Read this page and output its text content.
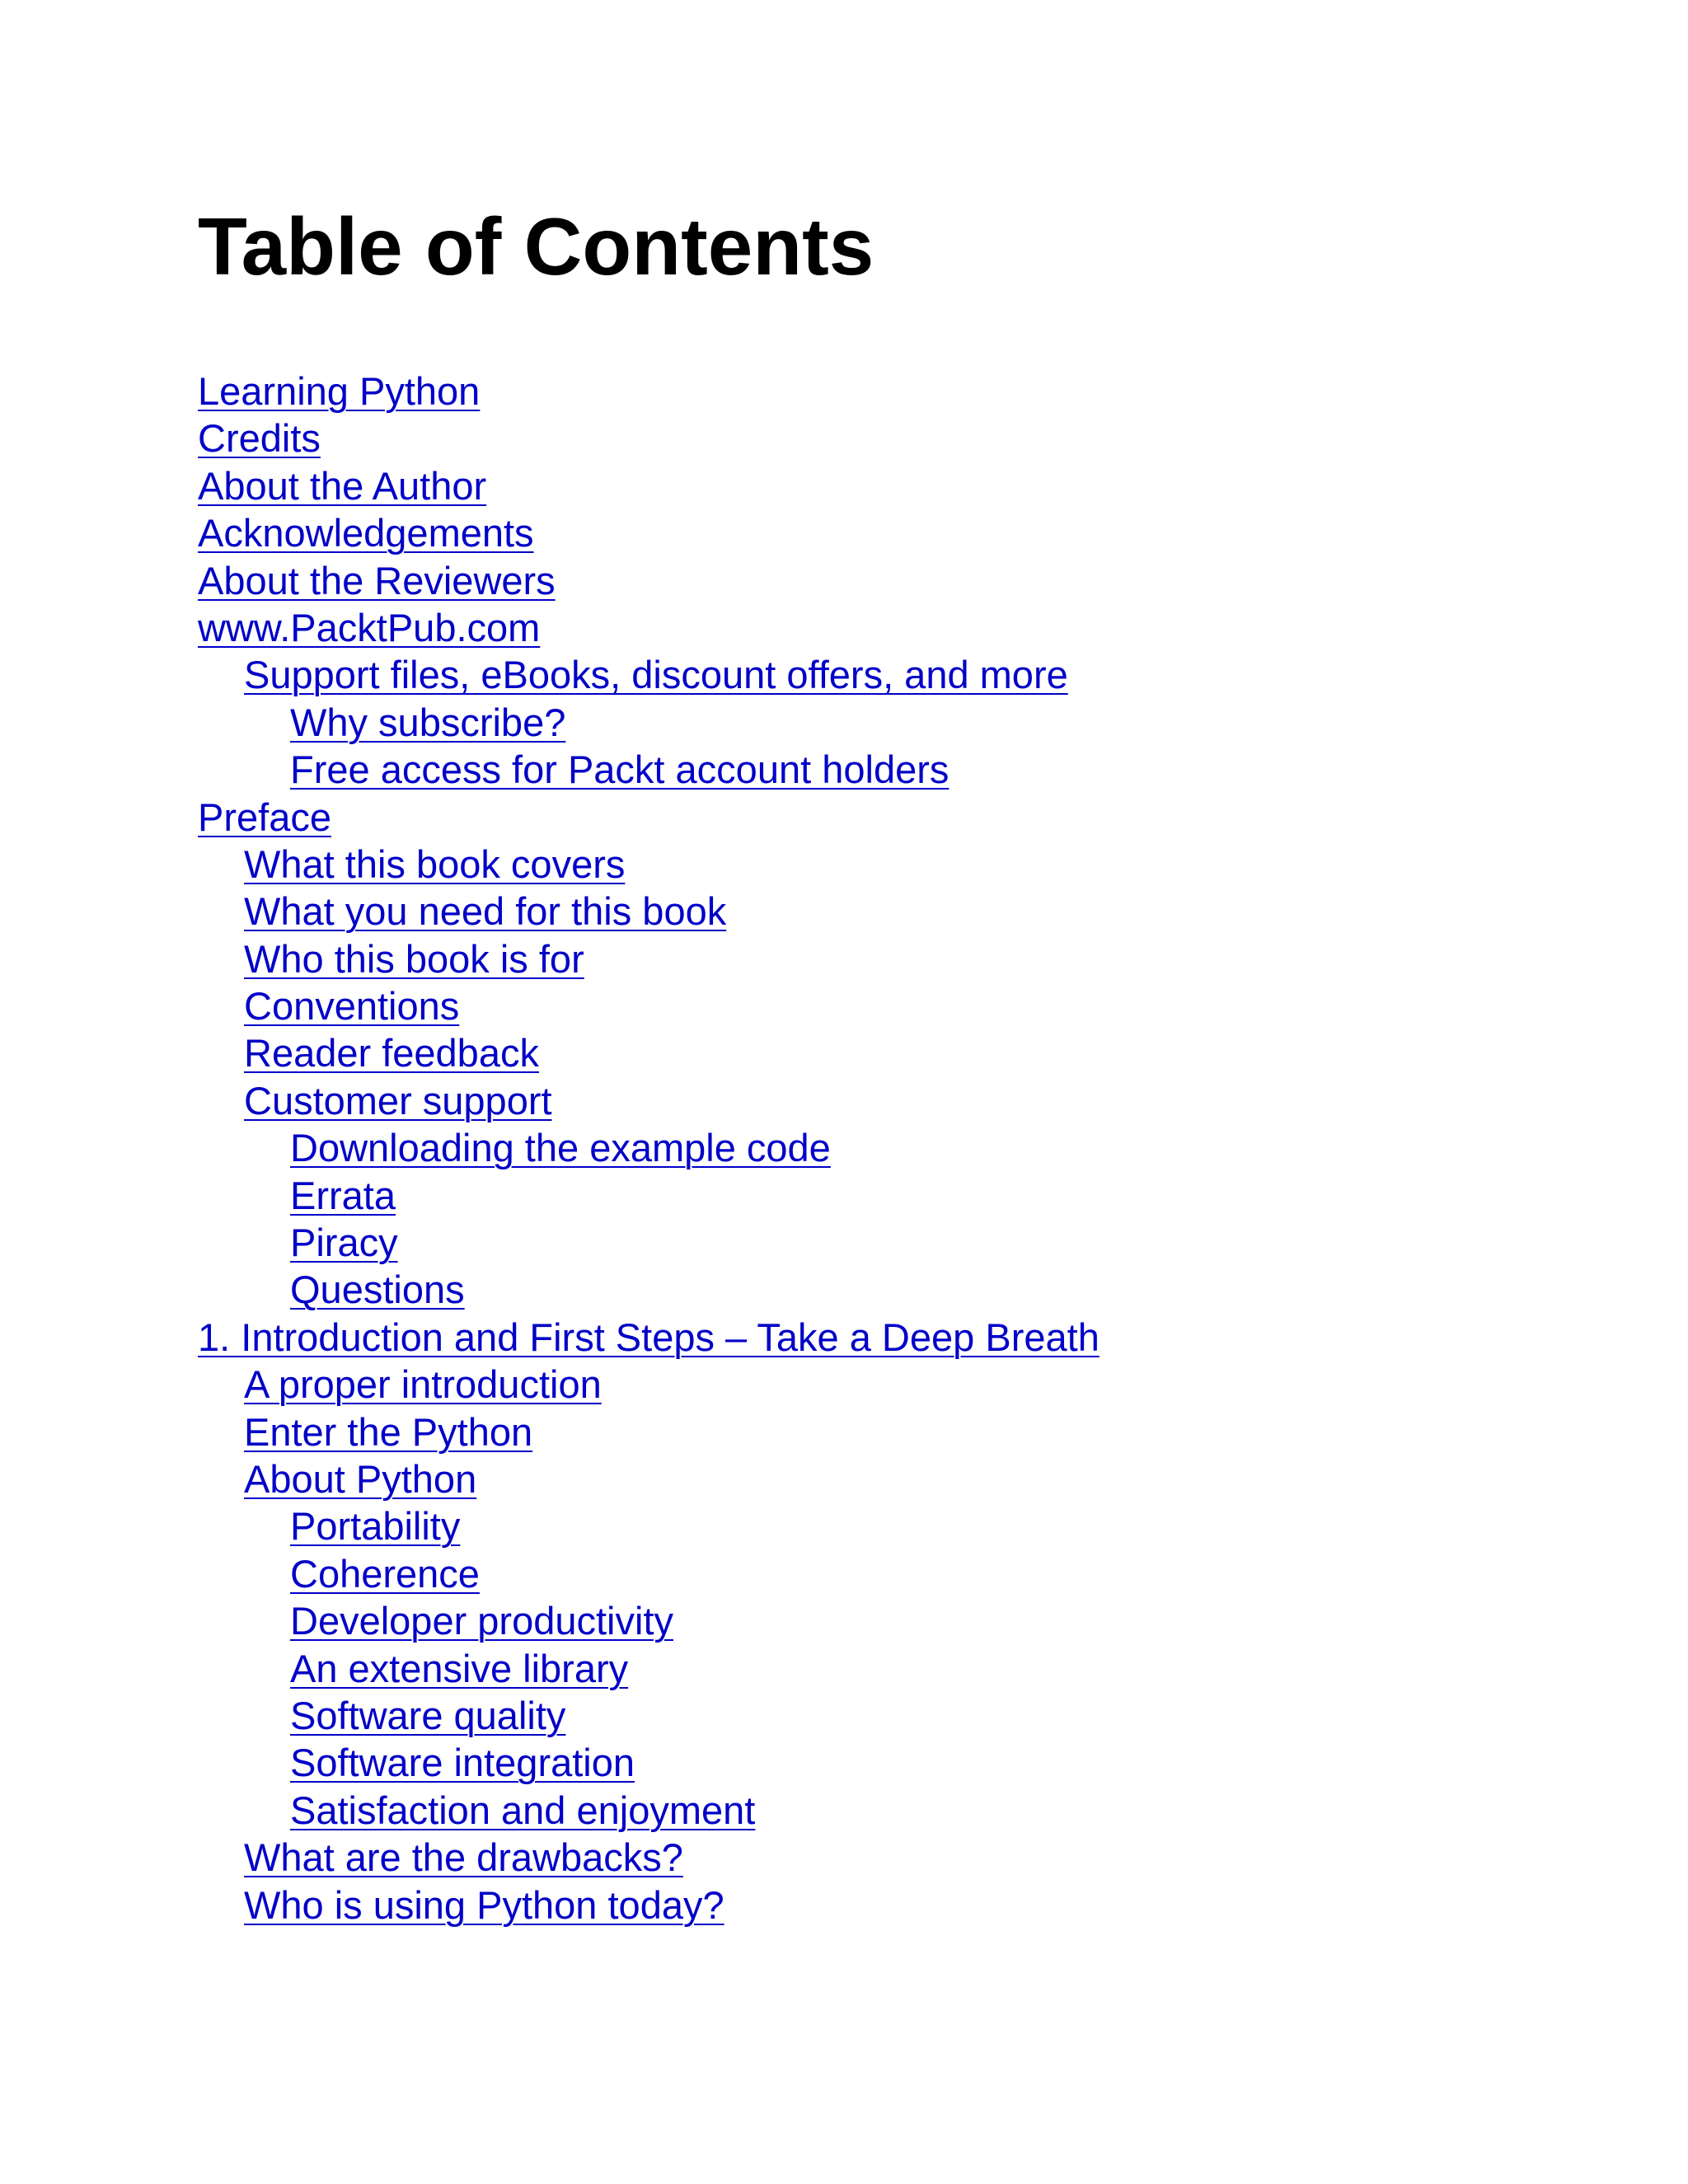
Table of Contents
Learning Python
Credits
About the Author
Acknowledgements
About the Reviewers
www.PacktPub.com
Support files, eBooks, discount offers, and more
Why subscribe?
Free access for Packt account holders
Preface
What this book covers
What you need for this book
Who this book is for
Conventions
Reader feedback
Customer support
Downloading the example code
Errata
Piracy
Questions
1. Introduction and First Steps – Take a Deep Breath
A proper introduction
Enter the Python
About Python
Portability
Coherence
Developer productivity
An extensive library
Software quality
Software integration
Satisfaction and enjoyment
What are the drawbacks?
Who is using Python today?
